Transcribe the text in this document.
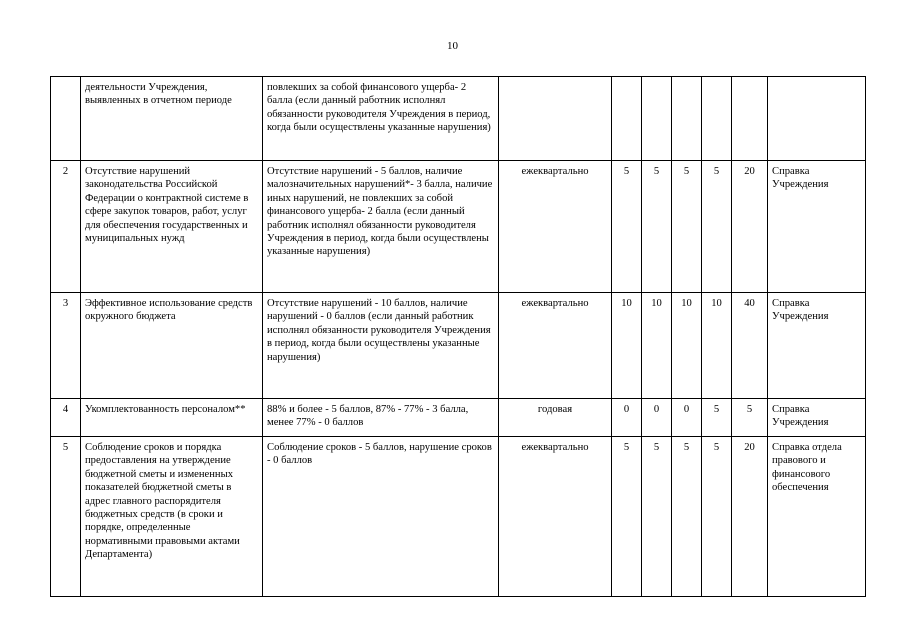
10
	деятельности Учреждения, выявленных в отчетном периоде	повлекших за собой финансового ущерба- 2 балла (если данный работник исполнял обязанности руководителя Учреждения в период, когда были осуществлены указанные нарушения)							
2	Отсутствие нарушений законодательства Российской Федерации о контрактной системе в сфере закупок товаров, работ, услуг для обеспечения государственных и муниципальных нужд	Отсутствие нарушений - 5 баллов, наличие малозначительных нарушений*- 3 балла, наличие иных нарушений, не повлекших за собой финансового ущерба- 2 балла (если данный работник исполнял обязанности руководителя Учреждения в период, когда были осуществлены указанные нарушения)	ежеквартально	5	5	5	5	20	Справка Учреждения
3	Эффективное использование средств окружного бюджета	Отсутствие нарушений - 10 баллов, наличие нарушений - 0 баллов (если данный работник исполнял обязанности руководителя Учреждения в период, когда были осуществлены указанные нарушения)	ежеквартально	10	10	10	10	40	Справка Учреждения
4	Укомплектованность персоналом**	88% и более - 5 баллов, 87% - 77% - 3 балла, менее 77% - 0 баллов	годовая	0	0	0	5	5	Справка Учреждения
5	Соблюдение сроков и порядка предоставления на утверждение бюджетной сметы и измененных показателей бюджетной сметы в адрес главного распорядителя бюджетных средств (в сроки и порядке, определенные нормативными правовыми актами Департамента)	Соблюдение сроков - 5 баллов, нарушение сроков - 0 баллов	ежеквартально	5	5	5	5	20	Справка отдела правового и финансового обеспечения
